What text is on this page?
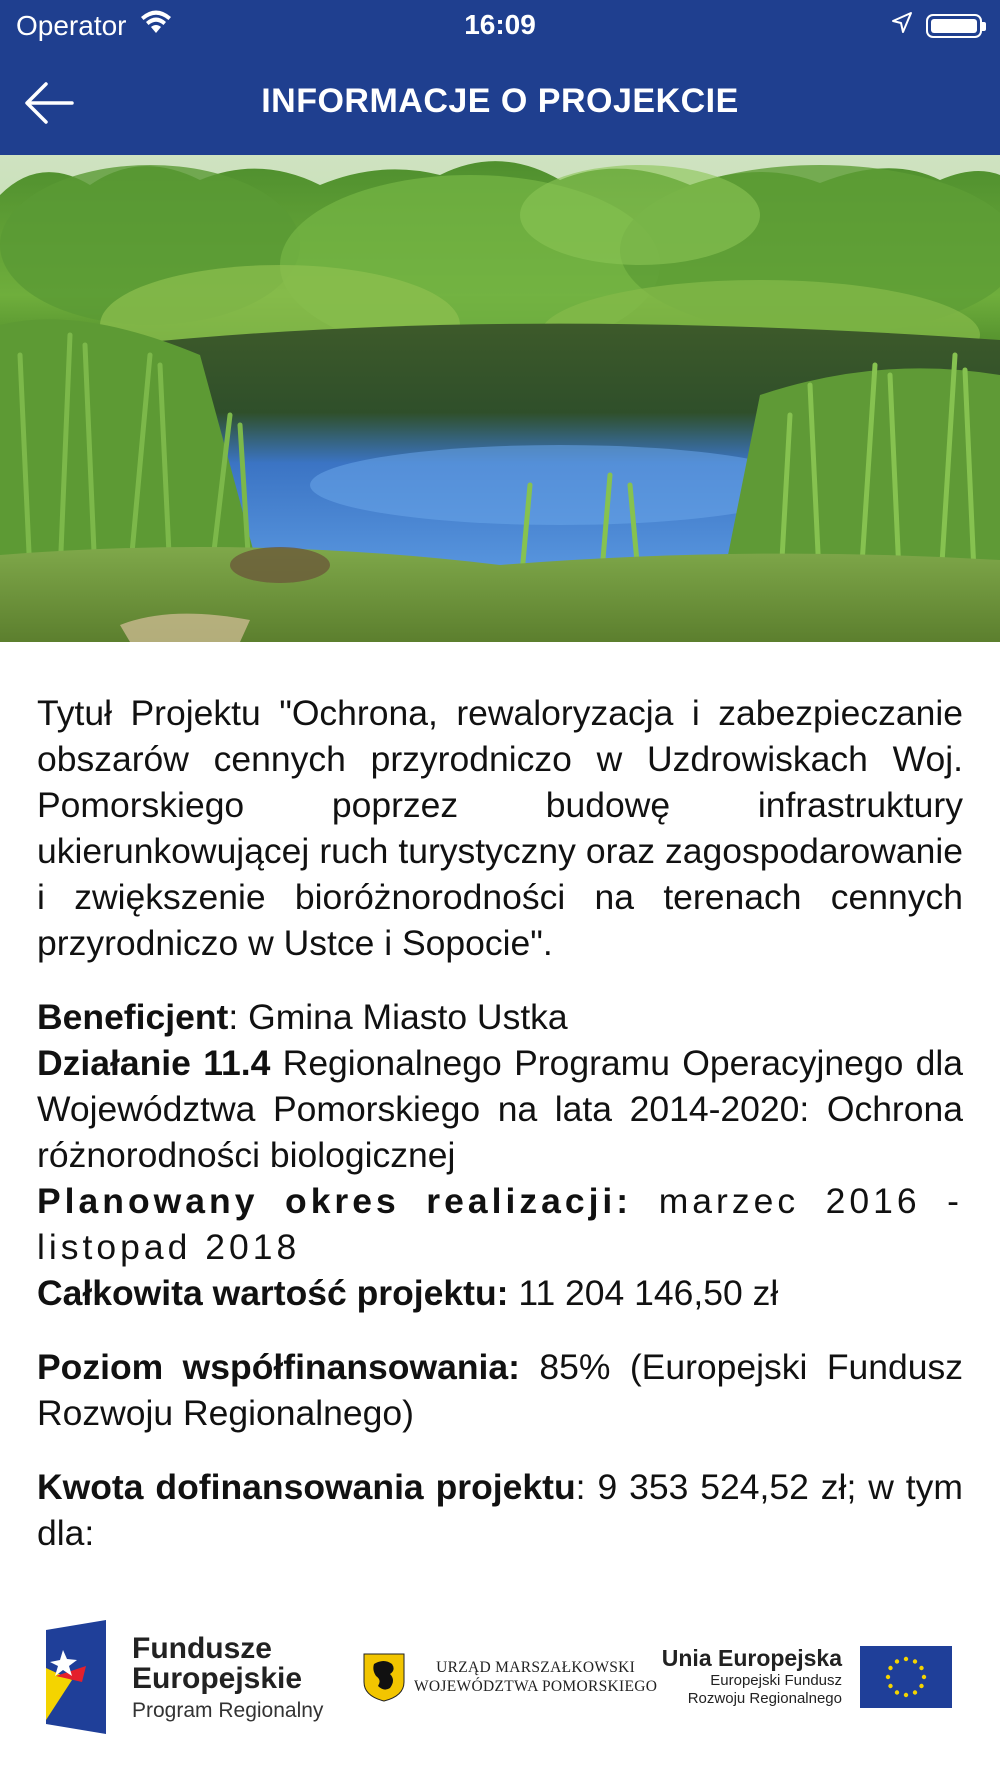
Operator	16:09
INFORMACJE O PROJEKCIE

Tytuł Projektu "Ochrona, rewaloryzacja i zabezpieczanie obszarów cennych przyrodniczo w Uzdrowiskach Woj. Pomorskiego poprzez budowę infrastruktury ukierunkowującej ruch turystyczny oraz zagospodarowanie i zwiększenie bioróżnorodności na terenach cennych przyrodniczo w Ustce i Sopocie".

Beneficjent: Gmina Miasto Ustka

Działanie 11.4 Regionalnego Programu Operacyjnego dla Województwa Pomorskiego na lata 2014-2020: Ochrona różnorodności biologicznej

Planowany okres realizacji: marzec 2016 - listopad 2018

Całkowita wartość projektu: 11 204 146,50 zł

Poziom współfinansowania: 85% (Europejski Fundusz Rozwoju Regionalnego)

Kwota dofinansowania projektu: 9 353 524,52 zł; w tym dla:

Fundusze
Europejskie
Program Regionalny
URZĄD MARSZAŁKOWSKI
WOJEWÓDZTWA POMORSKIEGO
Unia Europejska
Europejski Fundusz
Rozwoju Regionalnego
